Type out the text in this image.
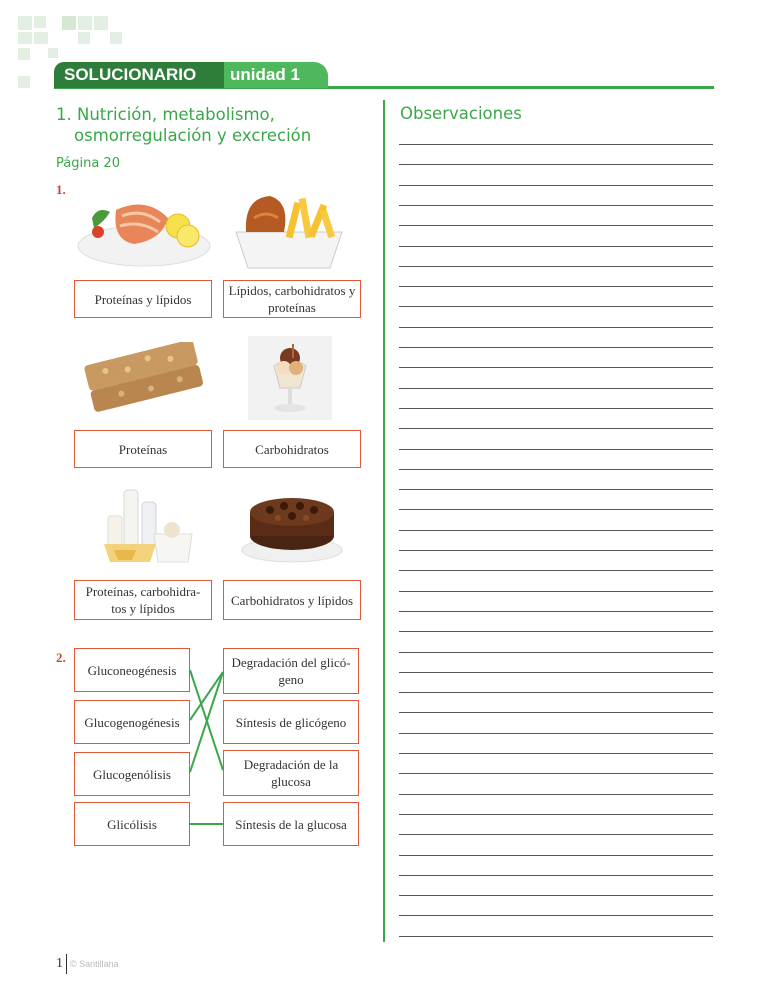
SOLUCIONARIO	unidad 1
1. Nutrición, metabolismo,
osmorregulación y excreción
Página 20
1.
Proteínas y lípidos
Lípidos, carbohidratos y proteínas
Proteínas	Carbohidratos
Proteínas, carbohidra-tos y lípidos
Carbohidratos y lípidos
2.
Gluconeogénesis
Glucogenogénesis
Glucogenólisis
Glicólisis
Degradación del glicó-geno
Síntesis de glicógeno
Degradación de la glucosa
Síntesis de la glucosa
Observaciones
1 © Santillana
